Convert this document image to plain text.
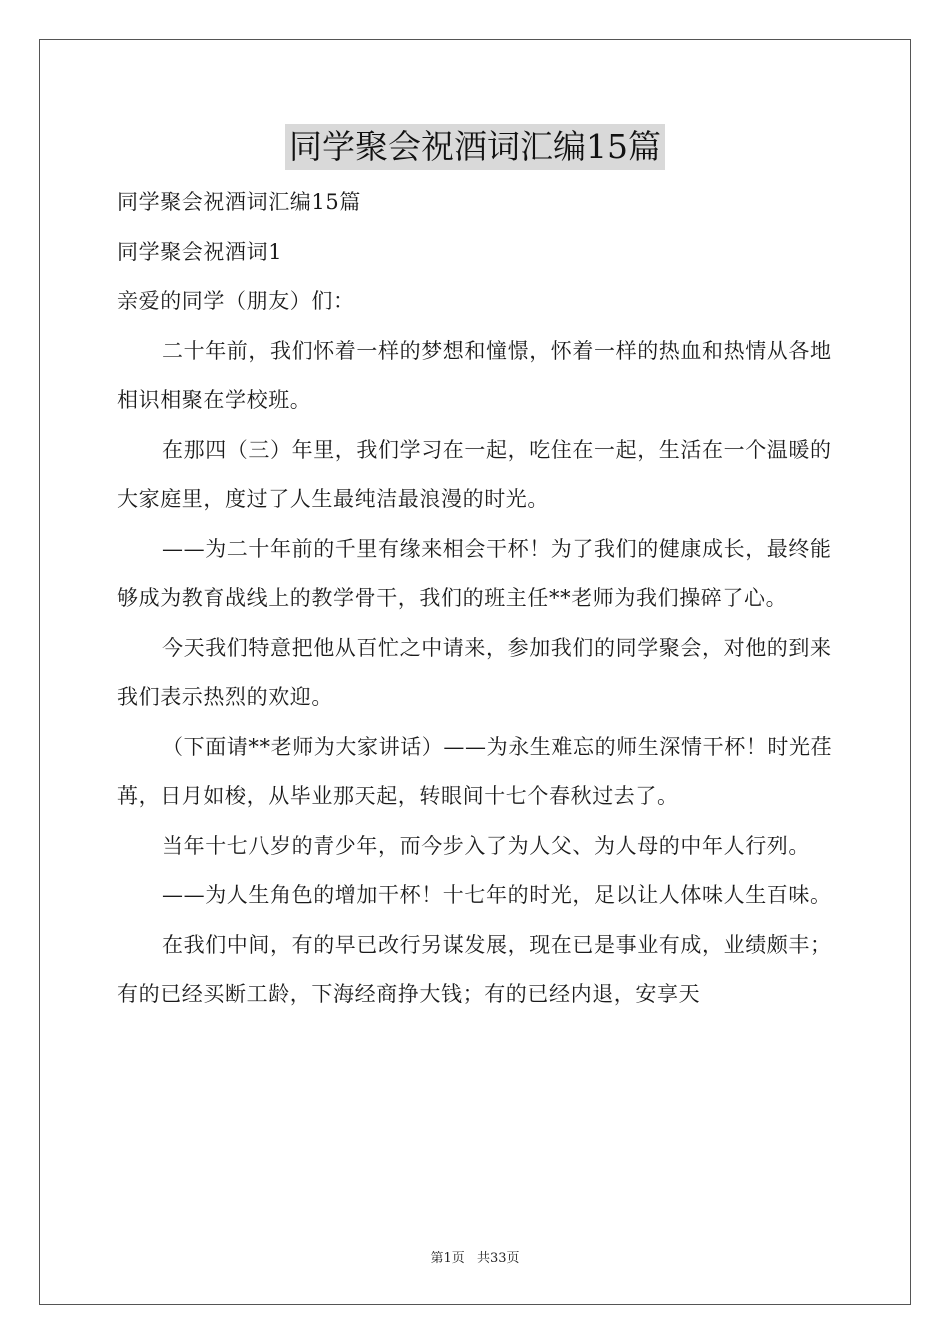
同学聚会祝酒词汇编15篇

同学聚会祝酒词汇编15篇

同学聚会祝酒词1

亲爱的同学（朋友）们：

二十年前，我们怀着一样的梦想和憧憬，怀着一样的热血和热情从各地相识相聚在学校班。

在那四（三）年里，我们学习在一起，吃住在一起，生活在一个温暖的大家庭里，度过了人生最纯洁最浪漫的时光。

——为二十年前的千里有缘来相会干杯！为了我们的健康成长，最终能够成为教育战线上的教学骨干，我们的班主任**老师为我们操碎了心。

今天我们特意把他从百忙之中请来，参加我们的同学聚会，对他的到来我们表示热烈的欢迎。

（下面请**老师为大家讲话）——为永生难忘的师生深情干杯！时光荏苒，日月如梭，从毕业那天起，转眼间十七个春秋过去了。

当年十七八岁的青少年，而今步入了为人父、为人母的中年人行列。

——为人生角色的增加干杯！十七年的时光，足以让人体味人生百味。

在我们中间，有的早已改行另谋发展，现在已是事业有成，业绩颇丰；有的已经买断工龄，下海经商挣大钱；有的已经内退，安享天

第1页 共33页
